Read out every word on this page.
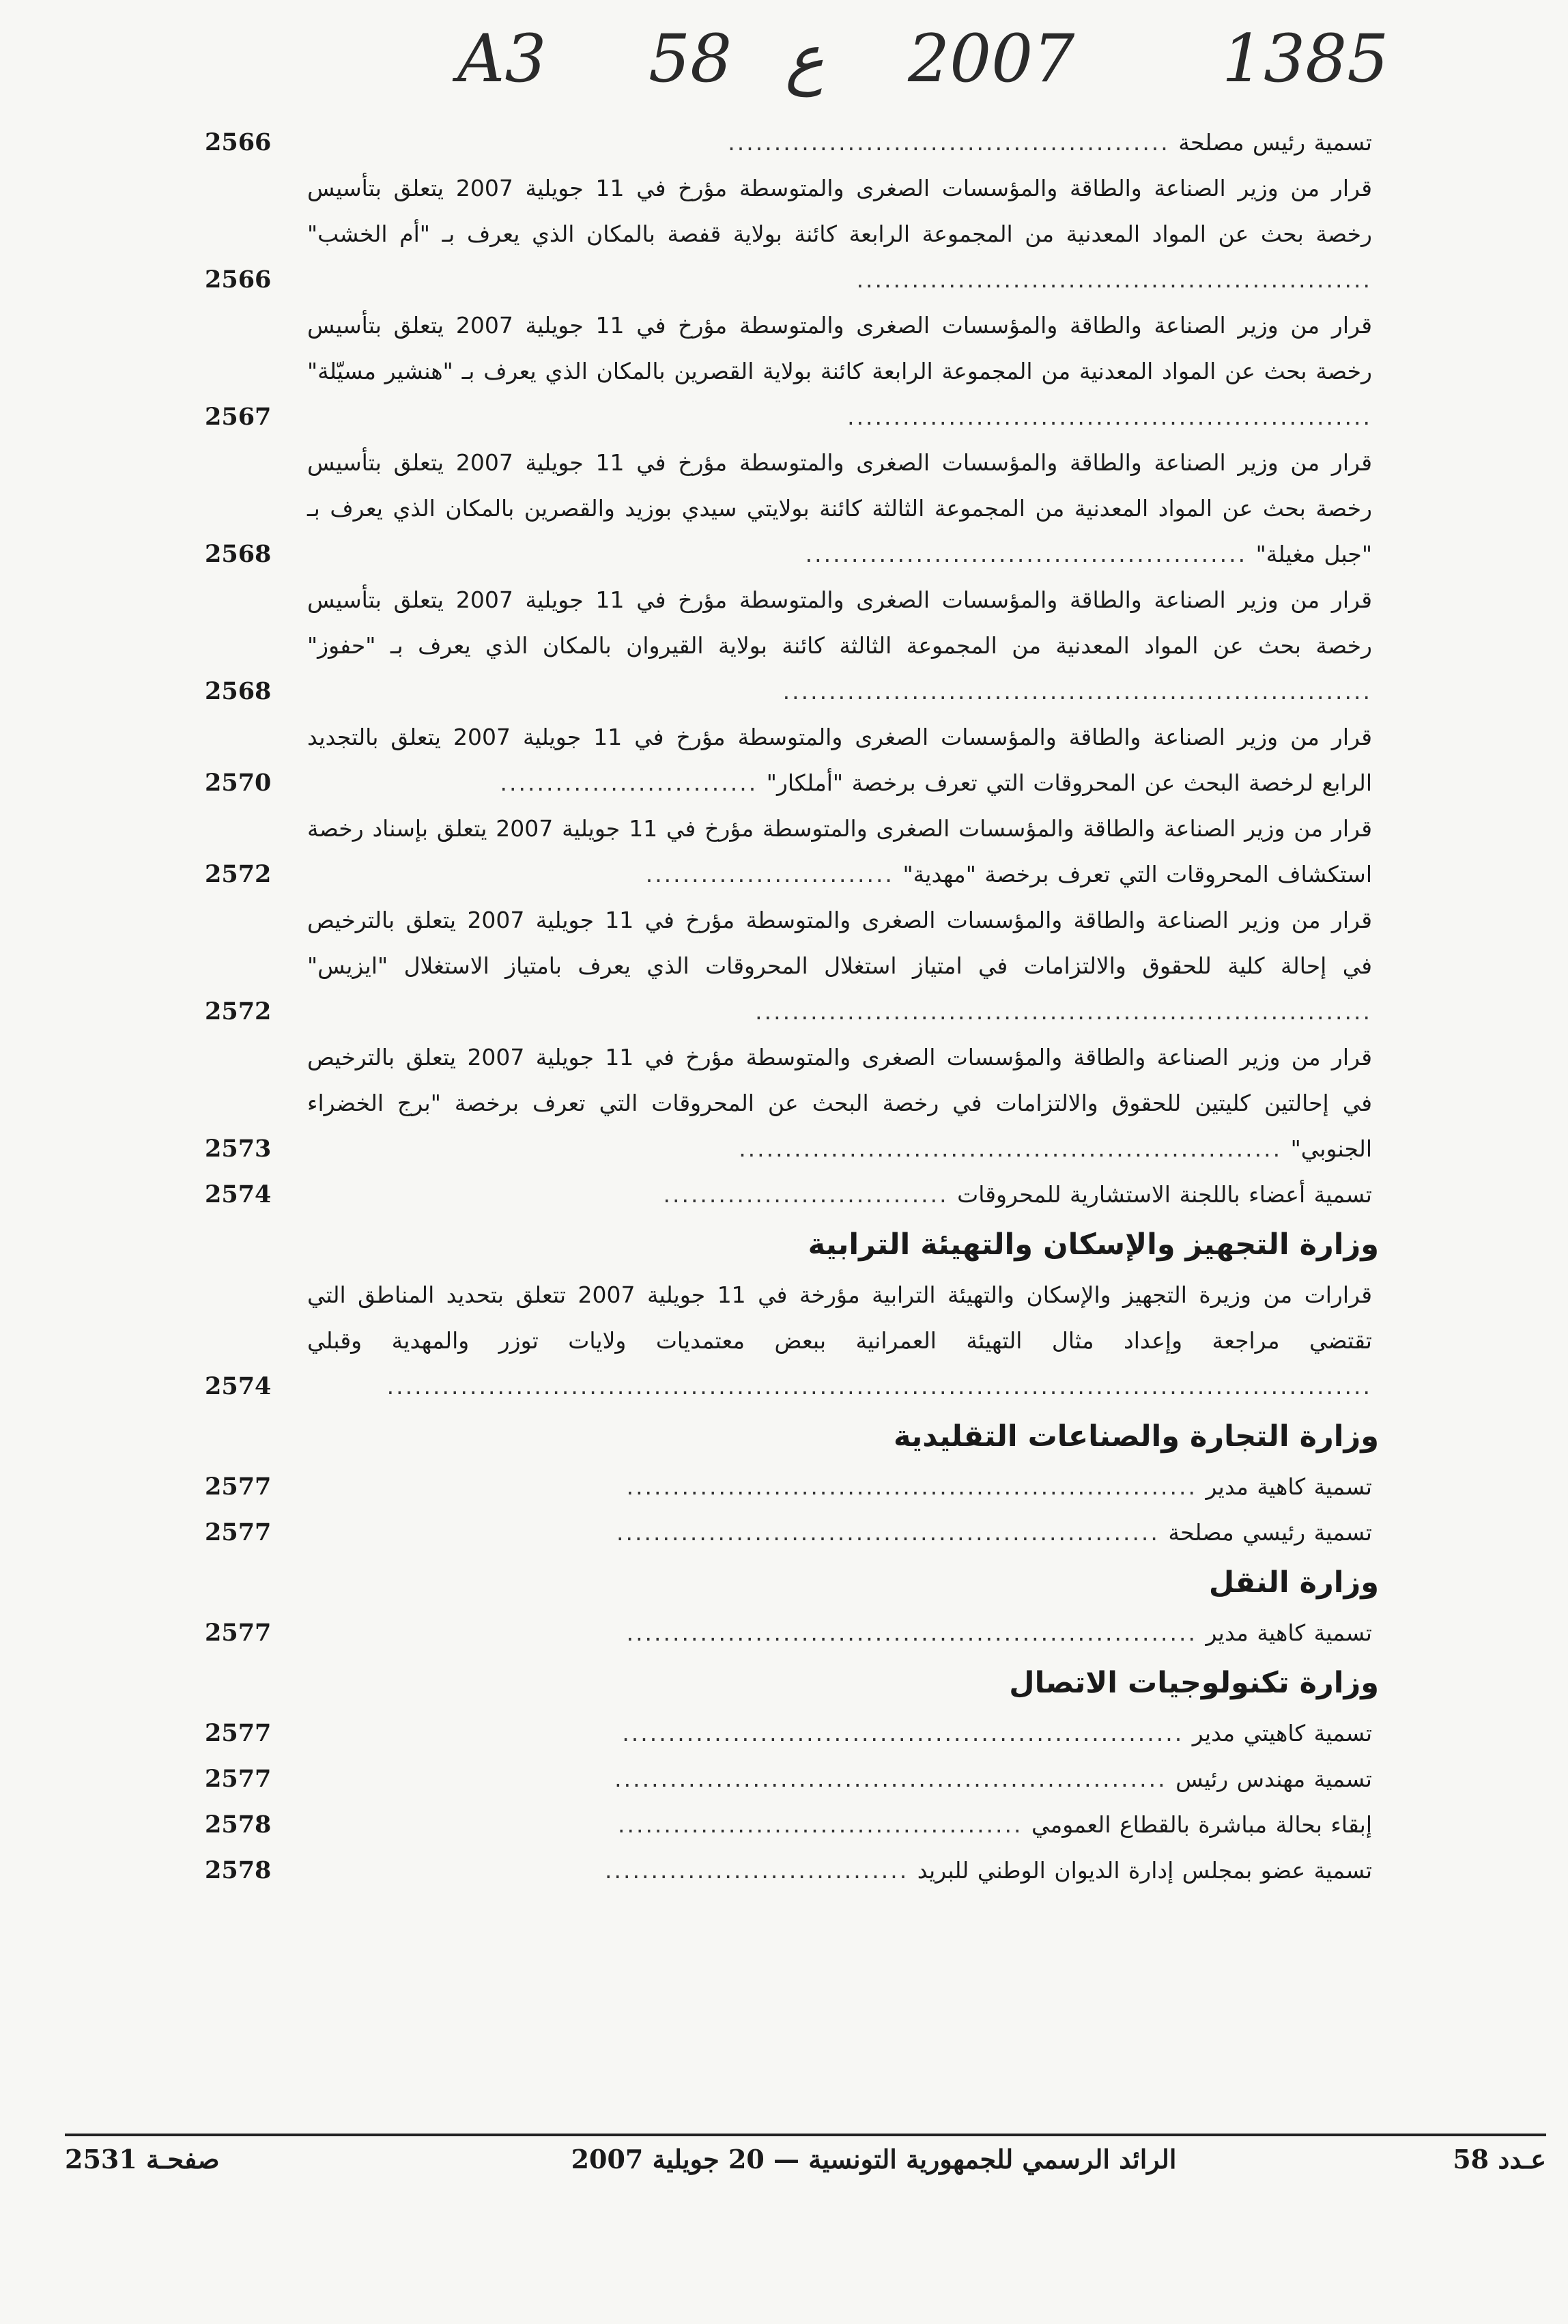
A3 58 ع 2007 1385
تسمية رئيس مصلحة ................................................
2566
قرار من وزير الصناعة والطاقة والمؤسسات الصغرى والمتوسطة مؤرخ في 11 جويلية 2007 يتعلق بتأسيس رخصة بحث عن المواد المعدنية من المجموعة الرابعة كائنة بولاية قفصة بالمكان الذي يعرف بـ "أم الخشب" ........................................................
2566
قرار من وزير الصناعة والطاقة والمؤسسات الصغرى والمتوسطة مؤرخ في 11 جويلية 2007 يتعلق بتأسيس رخصة بحث عن المواد المعدنية من المجموعة الرابعة كائنة بولاية القصرين بالمكان الذي يعرف بـ "هنشير مسيّلة" .........................................................
2567
قرار من وزير الصناعة والطاقة والمؤسسات الصغرى والمتوسطة مؤرخ في 11 جويلية 2007 يتعلق بتأسيس رخصة بحث عن المواد المعدنية من المجموعة الثالثة كائنة بولايتي سيدي بوزيد والقصرين بالمكان الذي يعرف بـ "جبل مغيلة" ................................................
2568
قرار من وزير الصناعة والطاقة والمؤسسات الصغرى والمتوسطة مؤرخ في 11 جويلية 2007 يتعلق بتأسيس رخصة بحث عن المواد المعدنية من المجموعة الثالثة كائنة بولاية القيروان بالمكان الذي يعرف بـ "حفوز" ................................................................
2568
قرار من وزير الصناعة والطاقة والمؤسسات الصغرى والمتوسطة مؤرخ في 11 جويلية 2007 يتعلق بالتجديد الرابع لرخصة البحث عن المحروقات التي تعرف برخصة "أملكار" ............................
2570
قرار من وزير الصناعة والطاقة والمؤسسات الصغرى والمتوسطة مؤرخ في 11 جويلية 2007 يتعلق بإسناد رخصة استكشاف المحروقات التي تعرف برخصة "مهدية" ...........................
2572
قرار من وزير الصناعة والطاقة والمؤسسات الصغرى والمتوسطة مؤرخ في 11 جويلية 2007 يتعلق بالترخيص في إحالة كلية للحقوق والالتزامات في امتياز استغلال المحروقات الذي يعرف بامتياز الاستغلال "ايزيس" ...................................................................
2572
قرار من وزير الصناعة والطاقة والمؤسسات الصغرى والمتوسطة مؤرخ في 11 جويلية 2007 يتعلق بالترخيص في إحالتين كليتين للحقوق والالتزامات في رخصة البحث عن المحروقات التي تعرف برخصة "برج الخضراء الجنوبي" ...........................................................
2573
تسمية أعضاء باللجنة الاستشارية للمحروقات ...............................
2574
وزارة التجهيز والإسكان والتهيئة الترابية
قرارات من وزيرة التجهيز والإسكان والتهيئة الترابية مؤرخة في 11 جويلية 2007 تتعلق بتحديد المناطق التي تقتضي مراجعة وإعداد مثال التهيئة العمرانية ببعض معتمديات ولايات توزر والمهدية وقبلي ...........................................................................................................
2574
وزارة التجارة والصناعات التقليدية
تسمية كاهية مدير ..............................................................
2577
تسمية رئيسي مصلحة ...........................................................
2577
وزارة النقل
تسمية كاهية مدير ..............................................................
2577
وزارة تكنولوجيات الاتصال
تسمية كاهيتي مدير .............................................................
2577
تسمية مهندس رئيس ............................................................
2577
إبقاء بحالة مباشرة بالقطاع العمومي ............................................
2578
تسمية عضو بمجلس إدارة الديوان الوطني للبريد .................................
2578
عـدد 58
الرائد الرسمي للجمهورية التونسية — 20 جويلية 2007
صفحـة 2531
